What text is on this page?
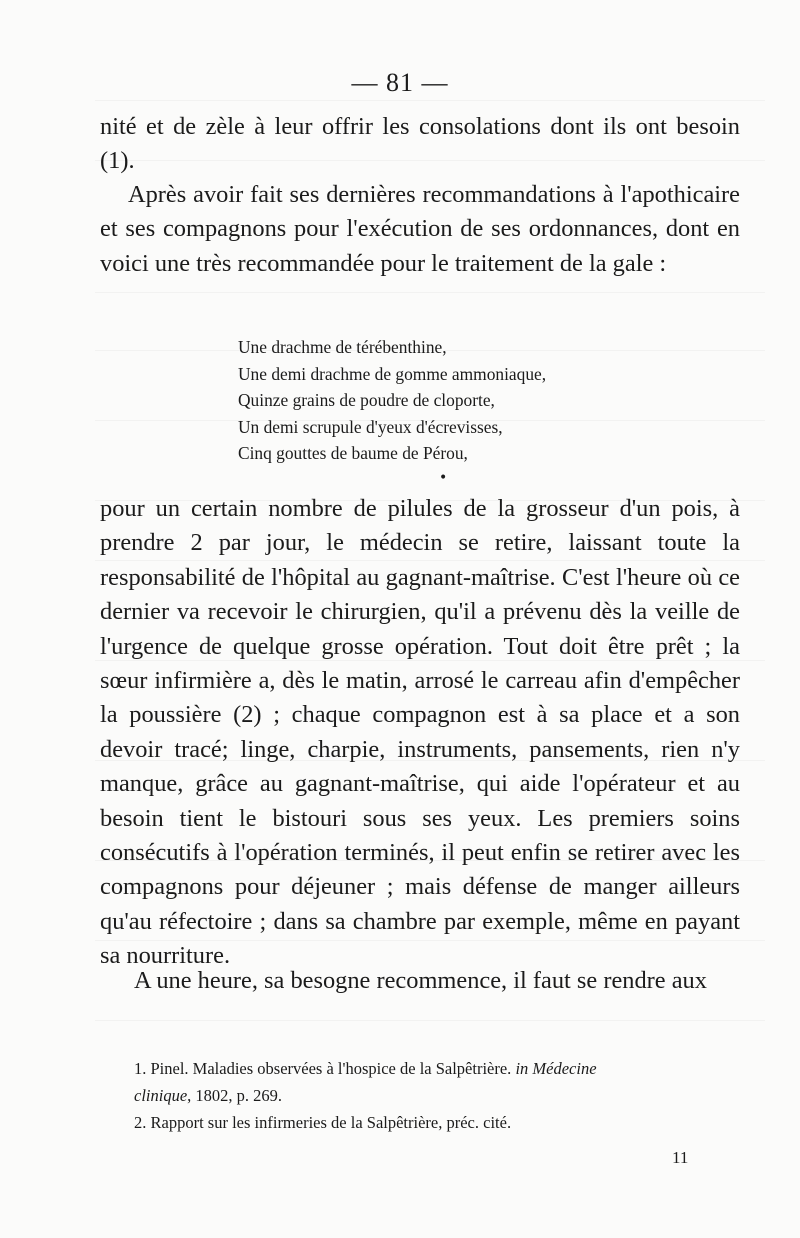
— 81 —
nité et de zèle à leur offrir les consolations dont ils ont besoin (1).
Après avoir fait ses dernières recommandations à l'apothicaire et ses compagnons pour l'exécution de ses ordonnances, dont en voici une très recommandée pour le traitement de la gale :
Une drachme de térébenthine,
Une demi drachme de gomme ammoniaque,
Quinze grains de poudre de cloporte,
Un demi scrupule d'yeux d'écrevisses,
Cinq gouttes de baume de Pérou,
•
pour un certain nombre de pilules de la grosseur d'un pois, à prendre 2 par jour, le médecin se retire, laissant toute la responsabilité de l'hôpital au gagnant-maîtrise. C'est l'heure où ce dernier va recevoir le chirurgien, qu'il a prévenu dès la veille de l'urgence de quelque grosse opération. Tout doit être prêt ; la sœur infirmière a, dès le matin, arrosé le carreau afin d'empêcher la poussière (2) ; chaque compagnon est à sa place et a son devoir tracé; linge, charpie, instruments, pansements, rien n'y manque, grâce au gagnant-maîtrise, qui aide l'opérateur et au besoin tient le bistouri sous ses yeux. Les premiers soins consécutifs à l'opération terminés, il peut enfin se retirer avec les compagnons pour déjeuner ; mais défense de manger ailleurs qu'au réfectoire ; dans sa chambre par exemple, même en payant sa nourriture.
A une heure, sa besogne recommence, il faut se rendre aux
1. Pinel. Maladies observées à l'hospice de la Salpêtrière. in Médecine
clinique, 1802, p. 269.
2. Rapport sur les infirmeries de la Salpêtrière, préc. cité.
11
